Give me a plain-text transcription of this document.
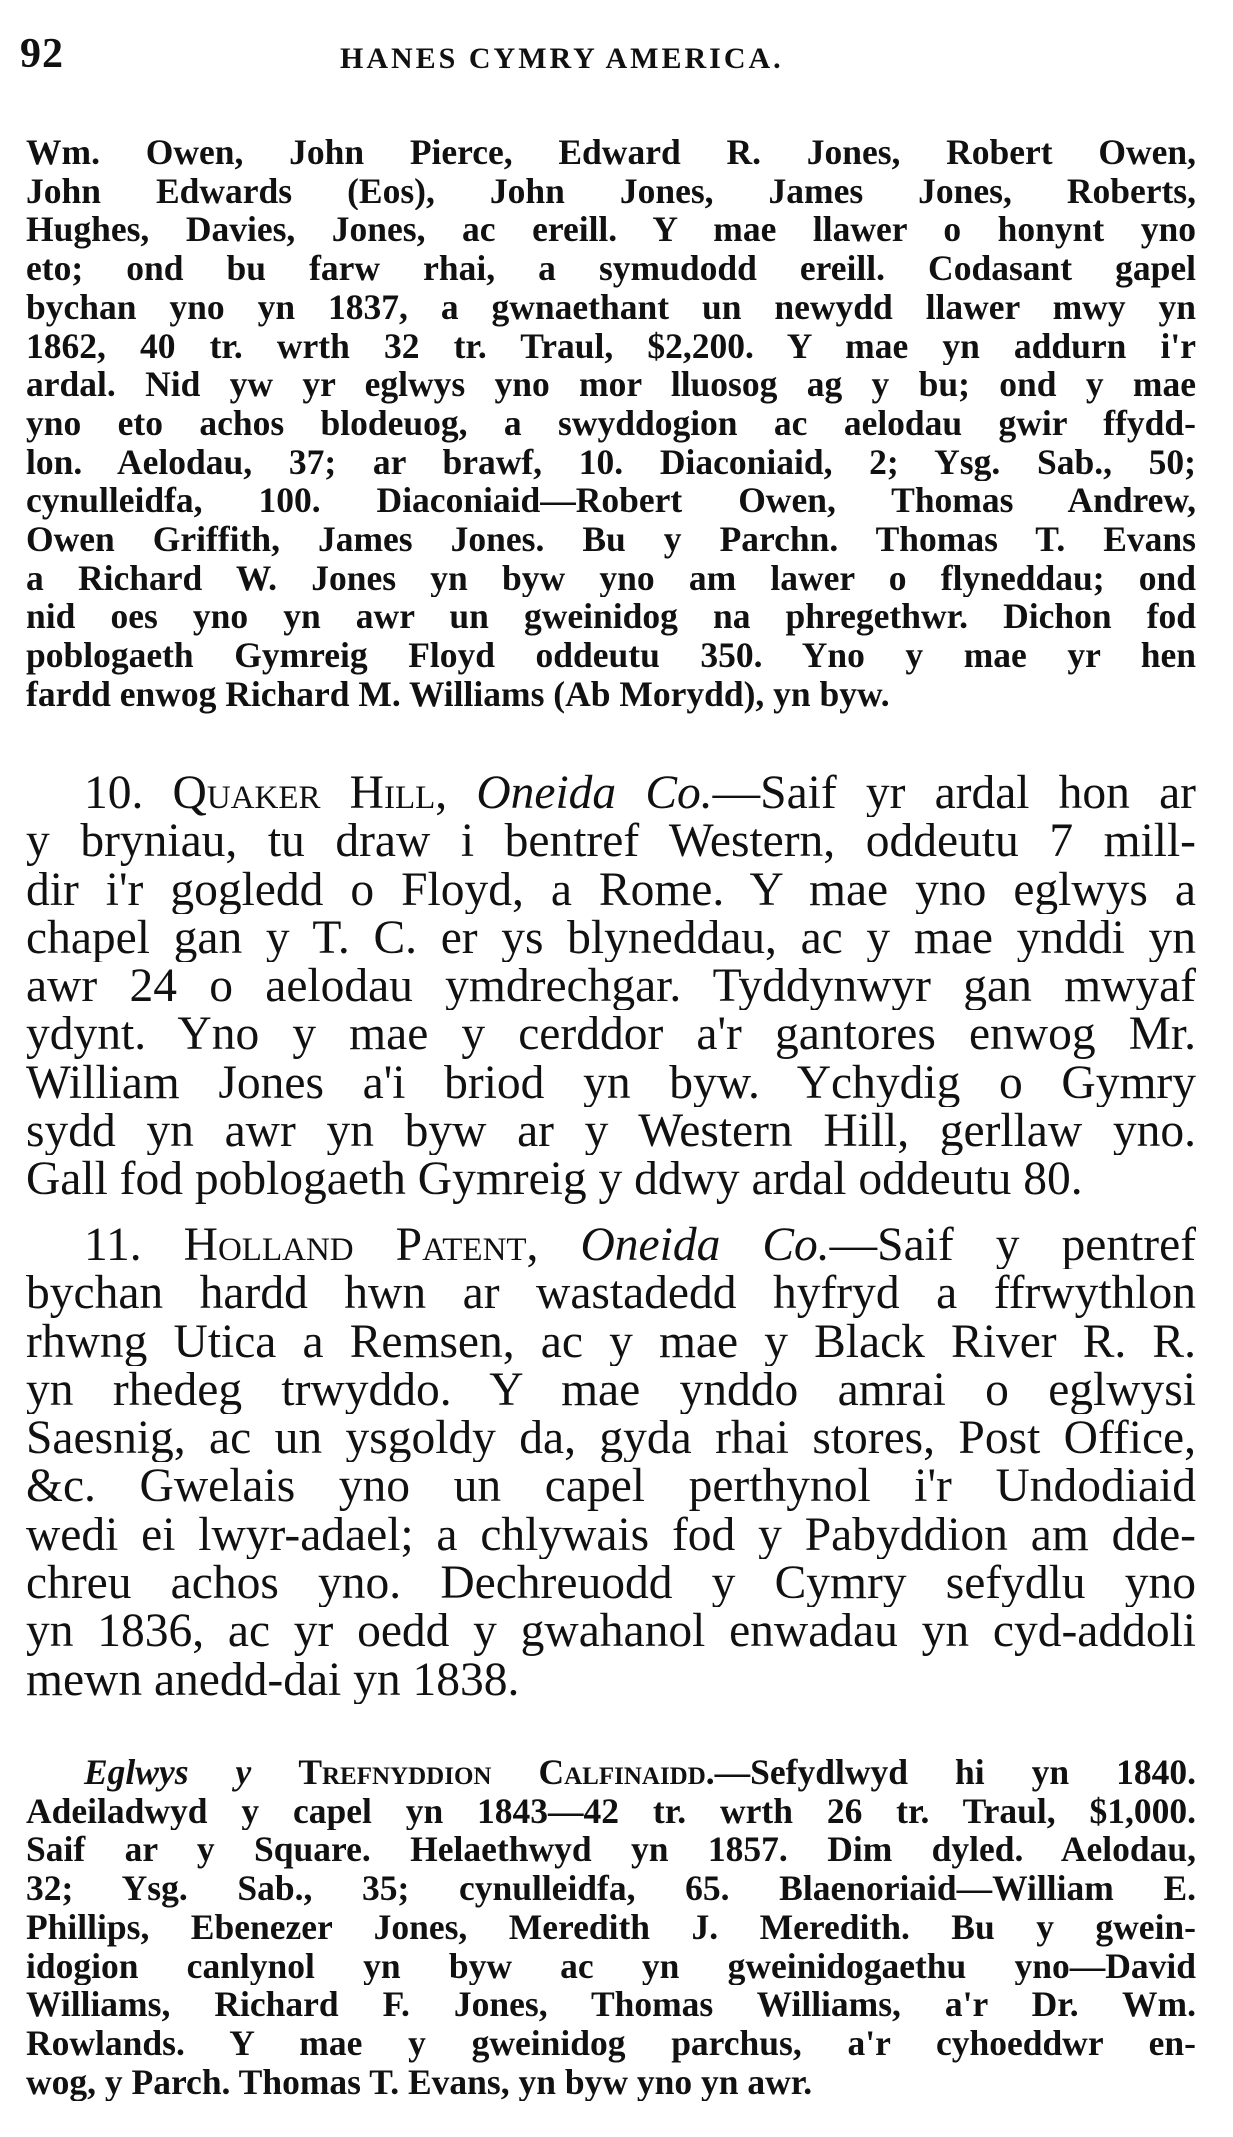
92	HANES CYMRY AMERICA.
Wm. Owen, John Pierce, Edward R. Jones, Robert Owen,
John Edwards (Eos), John Jones, James Jones, Roberts,
Hughes, Davies, Jones, ac ereill. Y mae llawer o honynt yno
eto; ond bu farw rhai, a symudodd ereill. Codasant gapel
bychan yno yn 1837, a gwnaethant un newydd llawer mwy yn
1862, 40 tr. wrth 32 tr. Traul, $2,200. Y mae yn addurn i'r
ardal. Nid yw yr eglwys yno mor lluosog ag y bu; ond y mae
yno eto achos blodeuog, a swyddogion ac aelodau gwir ffydd-
lon. Aelodau, 37; ar brawf, 10. Diaconiaid, 2; Ysg. Sab., 50;
cynulleidfa, 100. Diaconiaid—Robert Owen, Thomas Andrew,
Owen Griffith, James Jones. Bu y Parchn. Thomas T. Evans
a Richard W. Jones yn byw yno am lawer o flyneddau; ond
nid oes yno yn awr un gweinidog na phregethwr. Dichon fod
poblogaeth Gymreig Floyd oddeutu 350. Yno y mae yr hen
fardd enwog Richard M. Williams (Ab Morydd), yn byw.
10. Quaker Hill, Oneida Co.—Saif yr ardal hon ar
y bryniau, tu draw i bentref Western, oddeutu 7 mill-
dir i'r gogledd o Floyd, a Rome. Y mae yno eglwys a
chapel gan y T. C. er ys blyneddau, ac y mae ynddi yn
awr 24 o aelodau ymdrechgar. Tyddynwyr gan mwyaf
ydynt. Yno y mae y cerddor a'r gantores enwog Mr.
William Jones a'i briod yn byw. Ychydig o Gymry
sydd yn awr yn byw ar y Western Hill, gerllaw yno.
Gall fod poblogaeth Gymreig y ddwy ardal oddeutu 80.
11. Holland Patent, Oneida Co.—Saif y pentref
bychan hardd hwn ar wastadedd hyfryd a ffrwythlon
rhwng Utica a Remsen, ac y mae y Black River R. R.
yn rhedeg trwyddo. Y mae ynddo amrai o eglwysi
Saesnig, ac un ysgoldy da, gyda rhai stores, Post Office,
&c. Gwelais yno un capel perthynol i'r Undodiaid
wedi ei lwyr-adael; a chlywais fod y Pabyddion am dde-
chreu achos yno. Dechreuodd y Cymry sefydlu yno
yn 1836, ac yr oedd y gwahanol enwadau yn cyd-addoli
mewn anedd-dai yn 1838.
Eglwys y Trefnyddion Calfinaidd.—Sefydlwyd hi yn 1840.
Adeiladwyd y capel yn 1843—42 tr. wrth 26 tr. Traul, $1,000.
Saif ar y Square. Helaethwyd yn 1857. Dim dyled. Aelodau,
32; Ysg. Sab., 35; cynulleidfa, 65. Blaenoriaid—William E.
Phillips, Ebenezer Jones, Meredith J. Meredith. Bu y gwein-
idogion canlynol yn byw ac yn gweinidogaethu yno—David
Williams, Richard F. Jones, Thomas Williams, a'r Dr. Wm.
Rowlands. Y mae y gweinidog parchus, a'r cyhoeddwr en-
wog, y Parch. Thomas T. Evans, yn byw yno yn awr.
